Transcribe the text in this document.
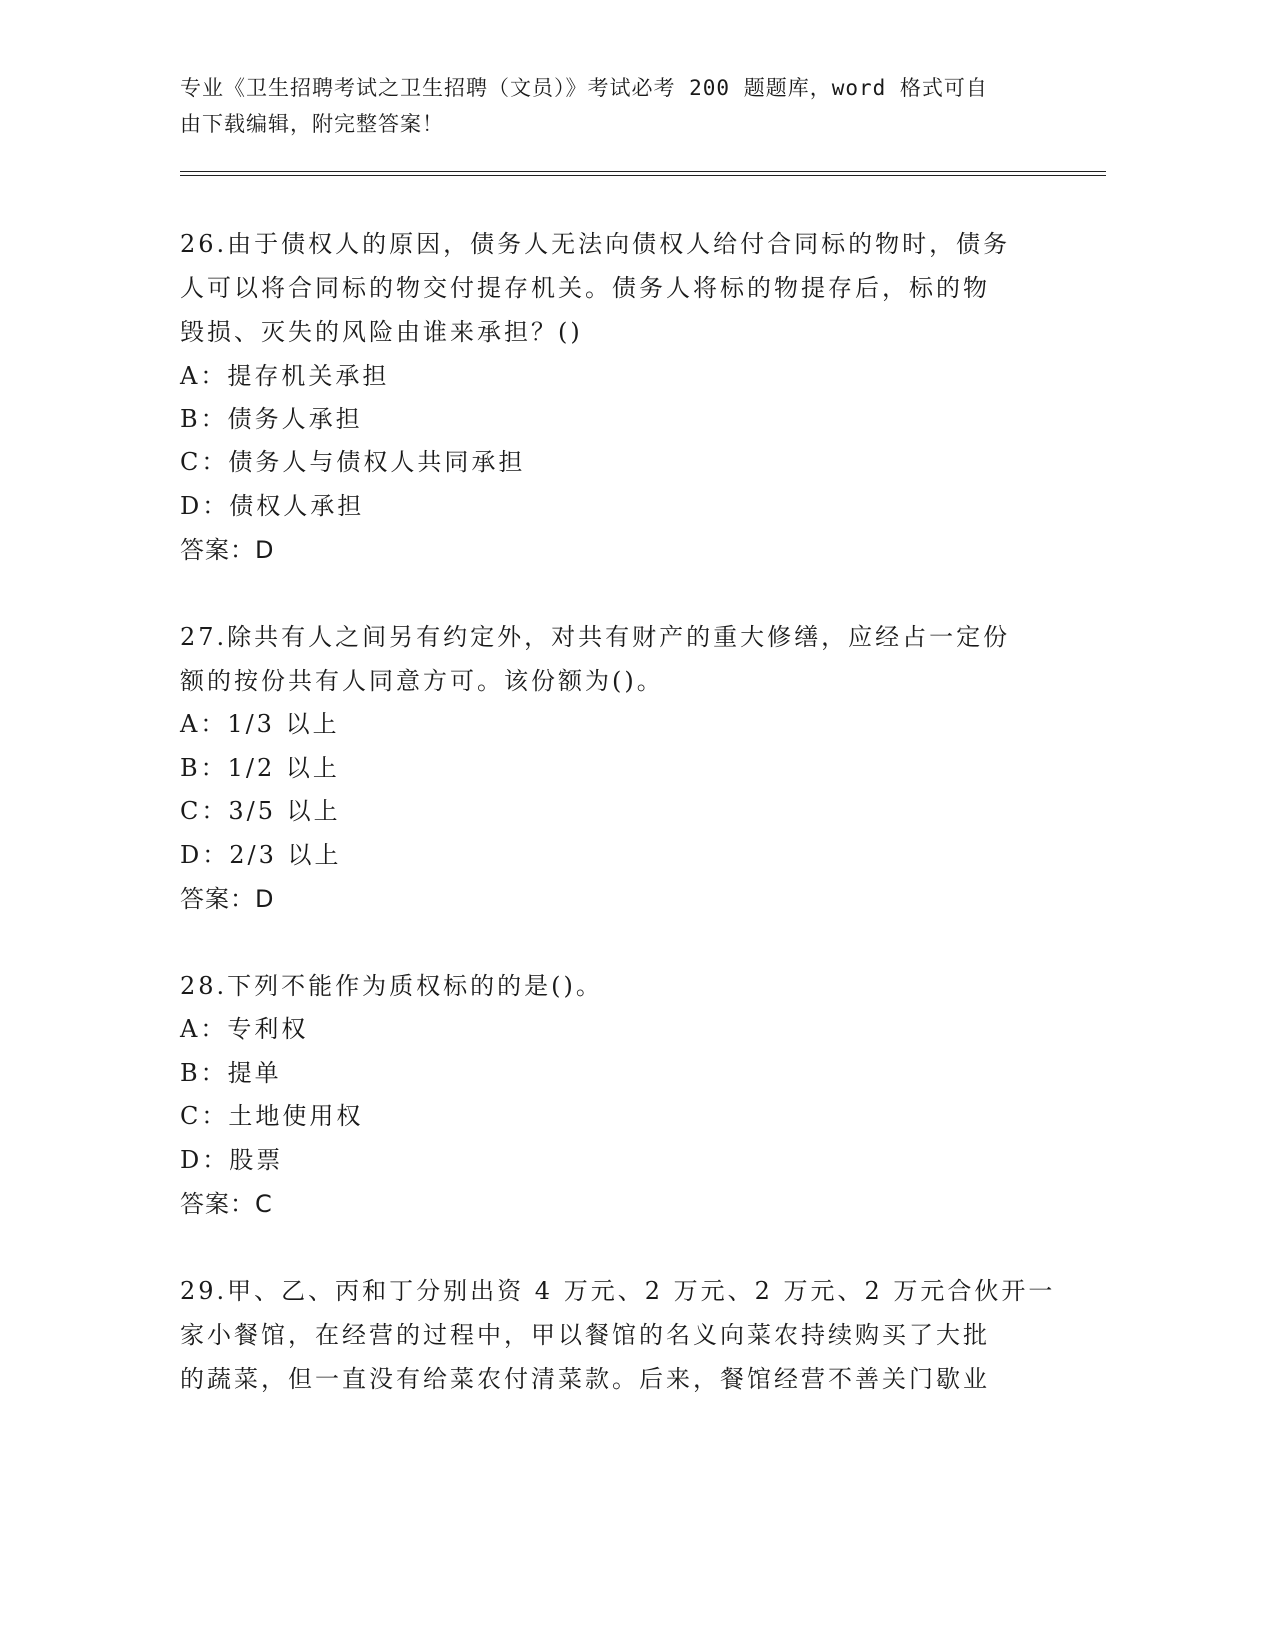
专业《卫生招聘考试之卫生招聘（文员）》考试必考 200 题题库，word 格式可自
由下载编辑，附完整答案！
26.由于债权人的原因，债务人无法向债权人给付合同标的物时，债务
人可以将合同标的物交付提存机关。债务人将标的物提存后，标的物
毁损、灭失的风险由谁来承担？()
A：提存机关承担
B：债务人承担
C：债务人与债权人共同承担
D：债权人承担
答案：D
27.除共有人之间另有约定外，对共有财产的重大修缮，应经占一定份
额的按份共有人同意方可。该份额为()。
A：1/3 以上
B：1/2 以上
C：3/5 以上
D：2/3 以上
答案：D
28.下列不能作为质权标的的是()。
A：专利权
B：提单
C：土地使用权
D：股票
答案：C
29.甲、乙、丙和丁分别出资 4 万元、2 万元、2 万元、2 万元合伙开一
家小餐馆，在经营的过程中，甲以餐馆的名义向菜农持续购买了大批
的蔬菜，但一直没有给菜农付清菜款。后来，餐馆经营不善关门歇业
